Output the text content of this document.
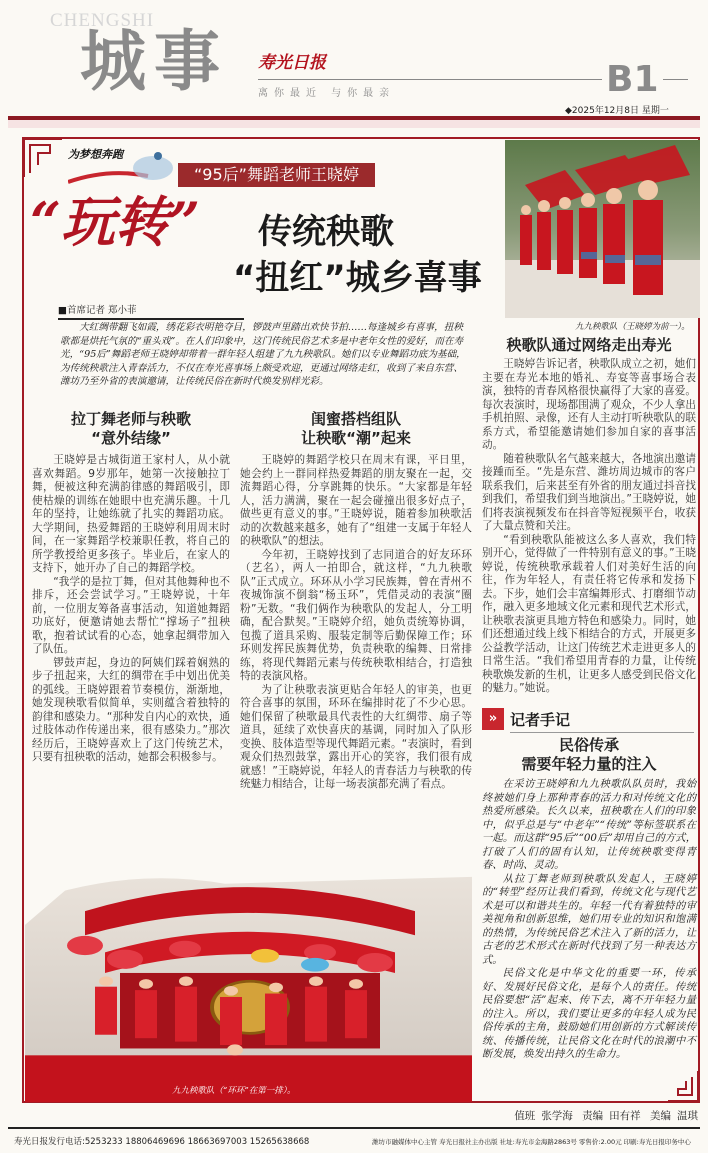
CHENGSHI
城事 寿光日报
离你最近 与你最亲	B1
◆2025年12月8日 星期一
九九秧歌队（王晓婷为前一）。
为梦想奔跑
“95后”舞蹈老师王晓婷
“玩转” 传统秧歌
“扭红”城乡喜事
■首席记者 郑小菲
大红绸带翻飞如霞，绣花彩衣明艳夺目，锣鼓声里踏出欢快节拍……每逢城乡有喜事，扭秧歌都是烘托气氛的“重头戏”。在人们印象中，这门传统民俗艺术多是中老年女性的爱好，而在寿光，“95后”舞蹈老师王晓婷却带着一群年轻人组建了九九秧歌队。她们以专业舞蹈功底为基础，为传统秧歌注入青春活力，不仅在寿光喜事场上颇受欢迎，更通过网络走红，收到了来自东营、潍坊乃至外省的表演邀请，让传统民俗在新时代焕发别样光彩。
拉丁舞老师与秧歌
“意外结缘”

王晓婷是古城街道王家村人，从小就喜欢舞蹈。9岁那年，她第一次接触拉丁舞，便被这种充满韵律感的舞蹈吸引，即使枯燥的训练在她眼中也充满乐趣。十几年的坚持，让她练就了扎实的舞蹈功底。大学期间，热爱舞蹈的王晓婷利用周末时间，在一家舞蹈学校兼职任教，将自己的所学教授给更多孩子。毕业后，在家人的支持下，她开办了自己的舞蹈学校。

“我学的是拉丁舞，但对其他舞种也不排斥，还会尝试学习。”王晓婷说，十年前，一位朋友筹备喜事活动，知道她舞蹈功底好，便邀请她去帮忙“撑场子”扭秧歌，抱着试试看的心态，她拿起绸带加入了队伍。

锣鼓声起，身边的阿姨们踩着娴熟的步子扭起来，大红的绸带在手中划出优美的弧线。王晓婷跟着节奏模仿，渐渐地，她发现秧歌看似简单，实则蕴含着独特的韵律和感染力。“那种发自内心的欢快，通过肢体动作传递出来，很有感染力。”那次经历后，王晓婷喜欢上了这门传统艺术，只要有扭秧歌的活动，她都会积极参与。

闺蜜搭档组队
让秧歌“潮”起来

王晓婷的舞蹈学校只在周末有课，平日里，她会约上一群同样热爱舞蹈的朋友聚在一起，交流舞蹈心得，分享跳舞的快乐。“大家都是年轻人，活力满满，聚在一起会碰撞出很多好点子，做些更有意义的事。”王晓婷说，随着参加秧歌活动的次数越来越多，她有了“组建一支属于年轻人的秧歌队”的想法。

今年初，王晓婷找到了志同道合的好友环环（艺名），两人一拍即合，就这样，“九九秧歌队”正式成立。环环从小学习民族舞，曾在青州不夜城饰演不倒翁“杨玉环”，凭借灵动的表演“圈粉”无数。“我们俩作为秧歌队的发起人，分工明确，配合默契。”王晓婷介绍，她负责统筹协调，包揽了道具采购、服装定制等后勤保障工作；环环则发挥民族舞优势，负责秧歌的编舞、日常排练，将现代舞蹈元素与传统秧歌相结合，打造独特的表演风格。

为了让秧歌表演更贴合年轻人的审美，也更符合喜事的氛围，环环在编排时花了不少心思。她们保留了秧歌最具代表性的大红绸带、扇子等道具，延续了欢快喜庆的基调，同时加入了队形变换、肢体造型等现代舞蹈元素。“表演时，看到观众们热烈鼓掌，露出开心的笑容，我们很有成就感！”王晓婷说，年轻人的青春活力与秧歌的传统魅力相结合，让每一场表演都充满了看点。

秧歌队通过网络走出寿光

王晓婷告诉记者，秧歌队成立之初，她们主要在寿光本地的婚礼、寿宴等喜事场合表演，独特的青春风格很快赢得了大家的喜爱。每次表演时，现场都围满了观众，不少人拿出手机拍照、录像，还有人主动打听秧歌队的联系方式，希望能邀请她们参加自家的喜事活动。

随着秧歌队名气越来越大，各地演出邀请接踵而至。“先是东营、潍坊周边城市的客户联系我们，后来甚至有外省的朋友通过抖音找到我们，希望我们到当地演出。”王晓婷说，她们将表演视频发布在抖音等短视频平台，收获了大量点赞和关注。

“看到秧歌队能被这么多人喜欢，我们特别开心，觉得做了一件特别有意义的事。”王晓婷说，传统秧歌承载着人们对美好生活的向往，作为年轻人，有责任将它传承和发扬下去。下步，她们会丰富编舞形式、打磨细节动作，融入更多地域文化元素和现代艺术形式，让秧歌表演更具地方特色和感染力。同时，她们还想通过线上线下相结合的方式，开展更多公益教学活动，让这门传统艺术走进更多人的日常生活。“我们希望用青春的力量，让传统秧歌焕发新的生机，让更多人感受到民俗文化的魅力。”她说。

» 记者手记
民俗传承
需要年轻力量的注入

在采访王晓婷和九九秧歌队队员时，我始终被她们身上那种青春的活力和对传统文化的热爱所感染。长久以来，扭秧歌在人们的印象中，似乎总是与“中老年”“传统”等标签联系在一起。而这群“95后”“00后”却用自己的方式，打破了人们的固有认知，让传统秧歌变得青春、时尚、灵动。

从拉丁舞老师到秧歌队发起人，王晓婷的“转型”经历让我们看到，传统文化与现代艺术是可以和谐共生的。年轻一代有着独特的审美视角和创新思维，她们用专业的知识和饱满的热情，为传统民俗艺术注入了新的活力，让古老的艺术形式在新时代找到了另一种表达方式。

民俗文化是中华文化的重要一环，传承好、发展好民俗文化，是每个人的责任。传统民俗要想“活”起来、传下去，离不开年轻力量的注入。所以，我们要让更多的年轻人成为民俗传承的主角，鼓励她们用创新的方式解读传统、传播传统，让民俗文化在时代的浪潮中不断发展，焕发出持久的生命力。

九九秧歌队（“环环”在第一排）。
值班 张学海 责编 田有祥 美编 温琪
寿光日报发行电话:5253233 18806469696 18663697003 15265638668	潍坊市融媒体中心主管 寿光日报社主办出版 社址:寿光市金海路2863号 零售价:2.00元 印刷:寿光日报印务中心
